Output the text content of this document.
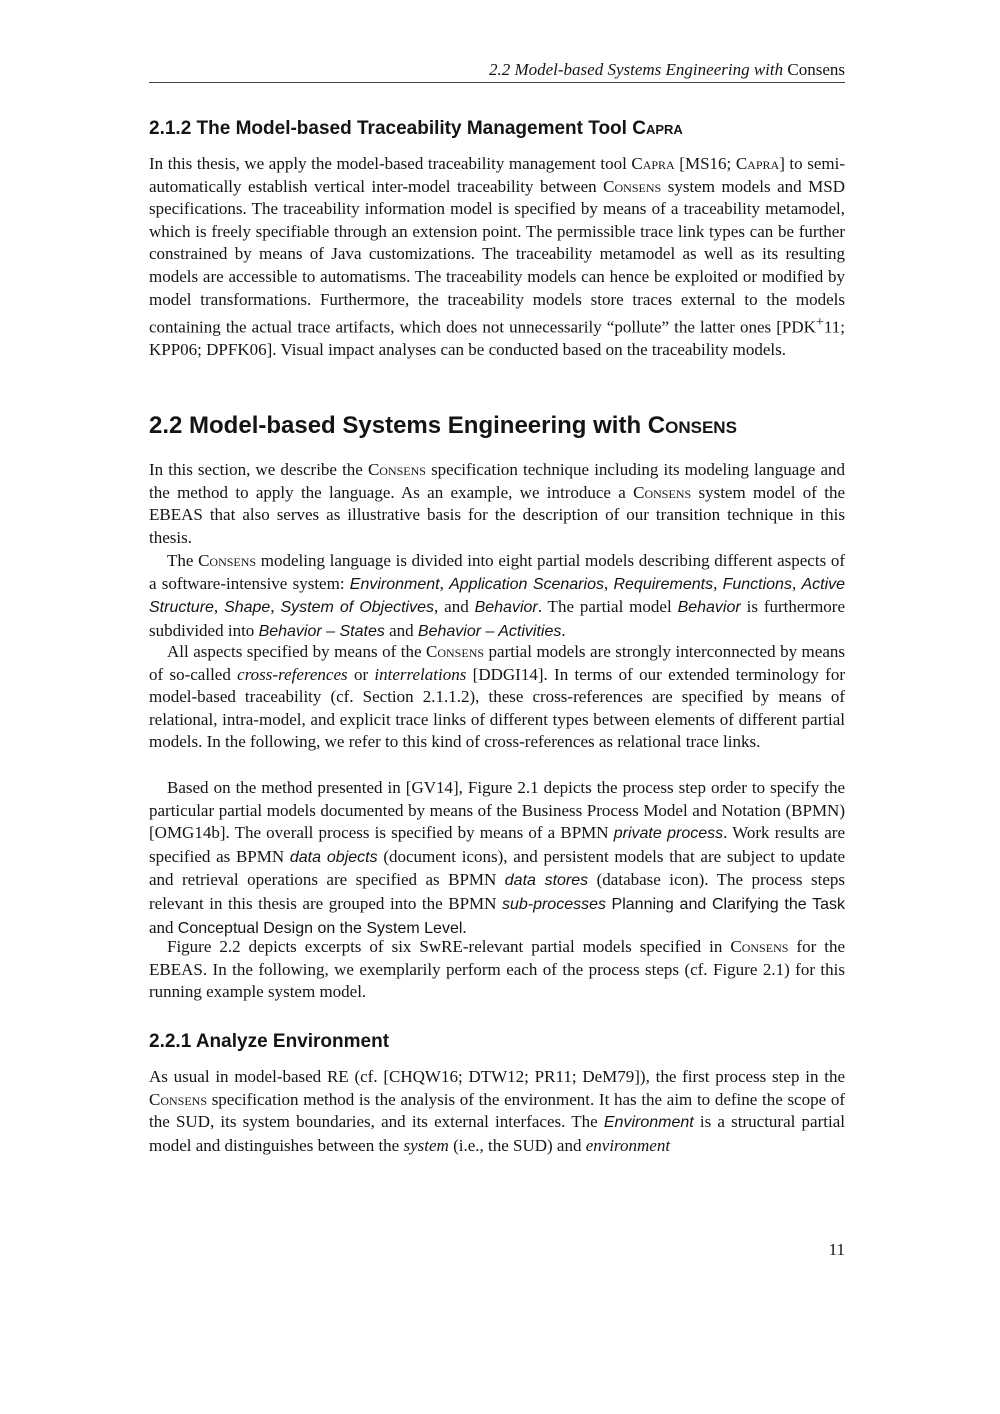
2.2 Model-based Systems Engineering with Consens
2.1.2 The Model-based Traceability Management Tool Capra

In this thesis, we apply the model-based traceability management tool Capra [MS16; Capra] to semi-automatically establish vertical inter-model traceability between Consens system models and MSD specifications. The traceability information model is specified by means of a traceability metamodel, which is freely specifiable through an extension point. The permissible trace link types can be further constrained by means of Java customizations. The traceability metamodel as well as its resulting models are accessible to automatisms. The traceability models can hence be exploited or modified by model transformations. Furthermore, the traceability models store traces external to the models containing the actual trace artifacts, which does not unnecessarily “pollute” the latter ones [PDK+11; KPP06; DPFK06]. Visual impact analyses can be conducted based on the traceability models.

2.2 Model-based Systems Engineering with Consens

In this section, we describe the Consens specification technique including its modeling language and the method to apply the language. As an example, we introduce a Consens system model of the EBEAS that also serves as illustrative basis for the description of our transition technique in this thesis.

The Consens modeling language is divided into eight partial models describing different aspects of a software-intensive system: Environment, Application Scenarios, Requirements, Functions, Active Structure, Shape, System of Objectives, and Behavior. The partial model Behavior is furthermore subdivided into Behavior – States and Behavior – Activities.

All aspects specified by means of the Consens partial models are strongly interconnected by means of so-called cross-references or interrelations [DDGI14]. In terms of our extended terminology for model-based traceability (cf. Section 2.1.1.2), these cross-references are specified by means of relational, intra-model, and explicit trace links of different types between elements of different partial models. In the following, we refer to this kind of cross-references as relational trace links.

Based on the method presented in [GV14], Figure 2.1 depicts the process step order to specify the particular partial models documented by means of the Business Process Model and Notation (BPMN) [OMG14b]. The overall process is specified by means of a BPMN private process. Work results are specified as BPMN data objects (document icons), and persistent models that are subject to update and retrieval operations are specified as BPMN data stores (database icon). The process steps relevant in this thesis are grouped into the BPMN sub-processes Planning and Clarifying the Task and Conceptual Design on the System Level.

Figure 2.2 depicts excerpts of six SwRE-relevant partial models specified in Consens for the EBEAS. In the following, we exemplarily perform each of the process steps (cf. Figure 2.1) for this running example system model.

2.2.1 Analyze Environment

As usual in model-based RE (cf. [CHQW16; DTW12; PR11; DeM79]), the first process step in the Consens specification method is the analysis of the environment. It has the aim to define the scope of the SUD, its system boundaries, and its external interfaces. The Environment is a structural partial model and distinguishes between the system (i.e., the SUD) and environment

11
